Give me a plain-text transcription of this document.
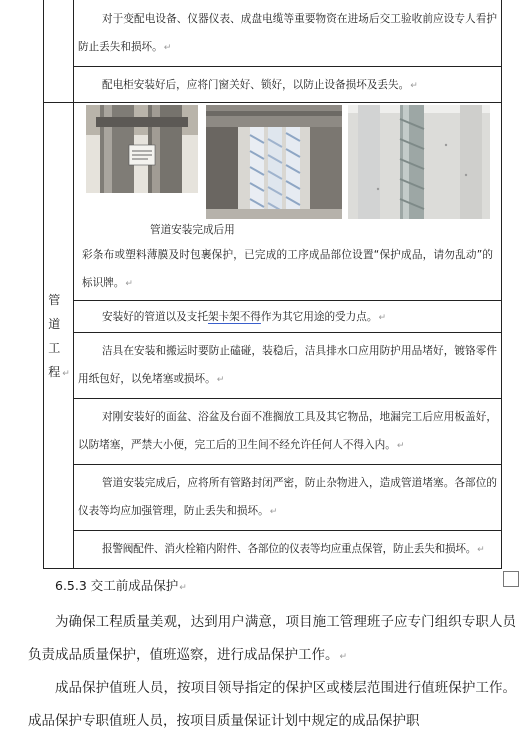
	对于变配电设备、仪器仪表、成盘电缆等重要物资在进场后交工验收前应设专人看护防止丢失和损坏。↵

	配电柜安装好后，应将门窗关好、锁好，以防止设备损坏及丢失。↵

管道工程 ↵	管道安装完成后用
彩条布或塑料薄膜及时包裹保护，已完成的工序成品部位设置“保护成品，请勿乱动”的标识牌。↵

	安装好的管道以及支托架卡架不得作为其它用途的受力点。↵

	洁具在安装和搬运时要防止磕碰，装稳后，洁具排水口应用防护用品堵好，镀铬零件用纸包好，以免堵塞或损坏。↵

	对刚安装好的面盆、浴盆及台面不准搁放工具及其它物品，地漏完工后应用板盖好，以防堵塞，严禁大小便，完工后的卫生间不经允许任何人不得入内。↵

	管道安装完成后，应将所有管路封闭严密，防止杂物进入，造成管道堵塞。各部位的仪表等均应加强管理，防止丢失和损坏。↵

	报警阀配件、消火栓箱内附件、各部位的仪表等均应重点保管，防止丢失和损坏。↵
6.5.3 交工前成品保护↵
为确保工程质量美观，达到用户满意，项目施工管理班子应专门组织专职人员负责成品质量保护，值班巡察，进行成品保护工作。↵
成品保护值班人员，按项目领导指定的保护区或楼层范围进行值班保护工作。成品保护专职值班人员，按项目质量保证计划中规定的成品保护职
